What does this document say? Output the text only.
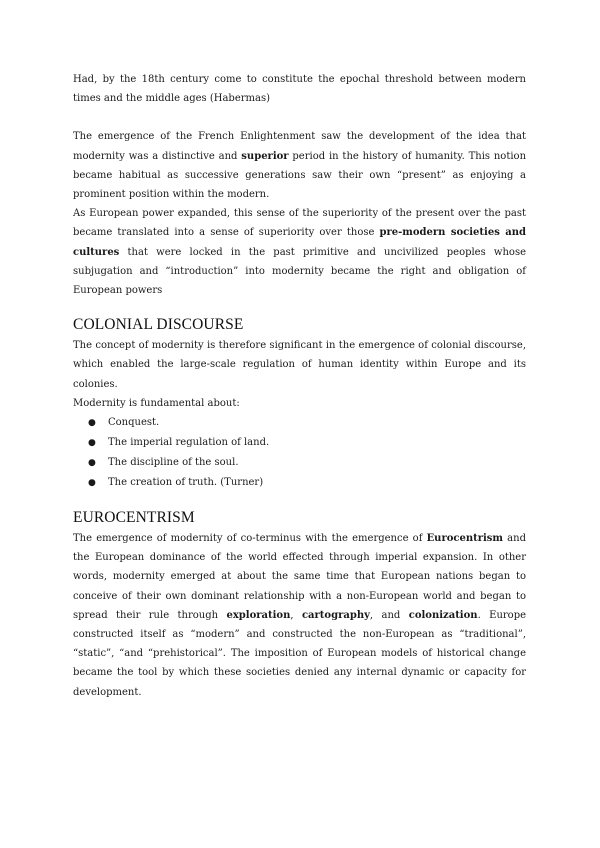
Had, by the 18th century come to constitute the epochal threshold between modern times and the middle ages (Habermas)

The emergence of the French Enlightenment saw the development of the idea that modernity was a distinctive and superior period in the history of humanity. This notion became habitual as successive generations saw their own “present” as enjoying a prominent position within the modern.

As European power expanded, this sense of the superiority of the present over the past became translated into a sense of superiority over those pre-modern societies and cultures that were locked in the past primitive and uncivilized peoples whose subjugation and “introduction” into modernity became the right and obligation of European powers

COLONIAL DISCOURSE

The concept of modernity is therefore significant in the emergence of colonial discourse, which enabled the large-scale regulation of human identity within Europe and its colonies.

Modernity is fundamental about:

● Conquest.
● The imperial regulation of land.
● The discipline of the soul.
● The creation of truth. (Turner)
EUROCENTRISM

The emergence of modernity of co-terminus with the emergence of Eurocentrism and the European dominance of the world effected through imperial expansion. In other words, modernity emerged at about the same time that European nations began to conceive of their own dominant relationship with a non-European world and began to spread their rule through exploration, cartography, and colonization. Europe constructed itself as “modern” and constructed the non-European as “traditional”, “static”, “and “prehistorical”. The imposition of European models of historical change became the tool by which these societies denied any internal dynamic or capacity for development.
